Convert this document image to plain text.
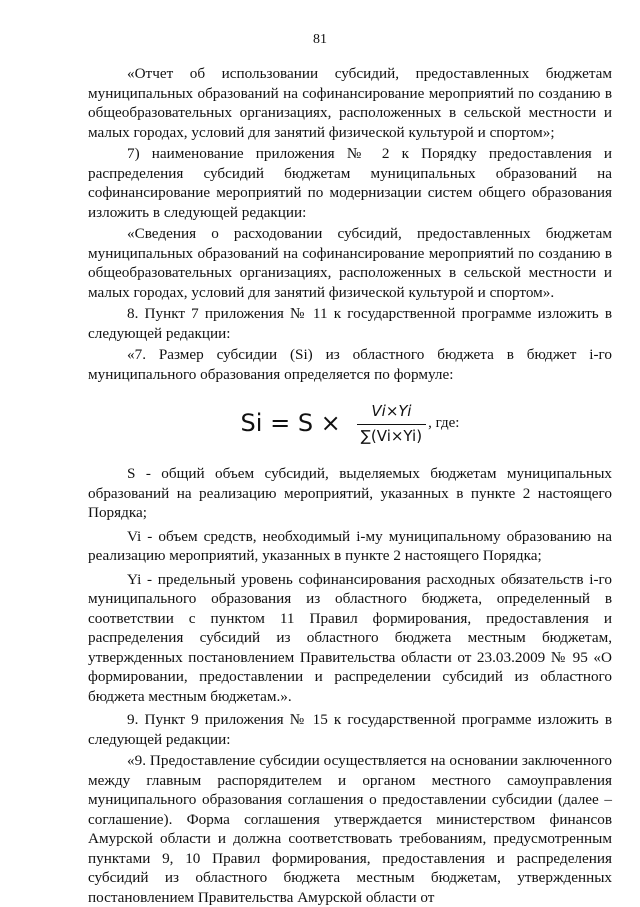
81

«Отчет об использовании субсидий, предоставленных бюджетам муниципальных образований на софинансирование мероприятий по созданию в общеобразовательных организациях, расположенных в сельской местности и малых городах, условий для занятий физической культурой и спортом»;

7) наименование приложения № 2 к Порядку предоставления и распределения субсидий бюджетам муниципальных образований на софинансирование мероприятий по модернизации систем общего образования изложить в следующей редакции:

«Сведения о расходовании субсидий, предоставленных бюджетам муниципальных образований на софинансирование мероприятий по созданию в общеобразовательных организациях, расположенных в сельской местности и малых городах, условий для занятий физической культурой и спортом».

8. Пункт 7 приложения № 11 к государственной программе изложить в следующей редакции:

«7. Размер субсидии (Si) из областного бюджета в бюджет i-го муниципального образования определяется по формуле:

$Si = S \times \frac{Vi\times Yi}{\sum(Vi\times Yi)}$ , где:

S - общий объем субсидий, выделяемых бюджетам муниципальных образований на реализацию мероприятий, указанных в пункте 2 настоящего Порядка;

Vi - объем средств, необходимый i-му муниципальному образованию на реализацию мероприятий, указанных в пункте 2 настоящего Порядка;

Yi - предельный уровень софинансирования расходных обязательств i-го муниципального образования из областного бюджета, определенный в соответствии с пунктом 11 Правил формирования, предоставления и распределения субсидий из областного бюджета местным бюджетам, утвержденных постановлением Правительства области от 23.03.2009 № 95 «О формировании, предоставлении и распределении субсидий из областного бюджета местным бюджетам.».

9. Пункт 9 приложения № 15 к государственной программе изложить в следующей редакции:

«9. Предоставление субсидии осуществляется на основании заключенного между главным распорядителем и органом местного самоуправления муниципального образования соглашения о предоставлении субсидии (далее – соглашение). Форма соглашения утверждается министерством финансов Амурской области и должна соответствовать требованиям, предусмотренным пунктами 9, 10 Правил формирования, предоставления и распределения субсидий из областного бюджета местным бюджетам, утвержденных постановлением Правительства Амурской области от
